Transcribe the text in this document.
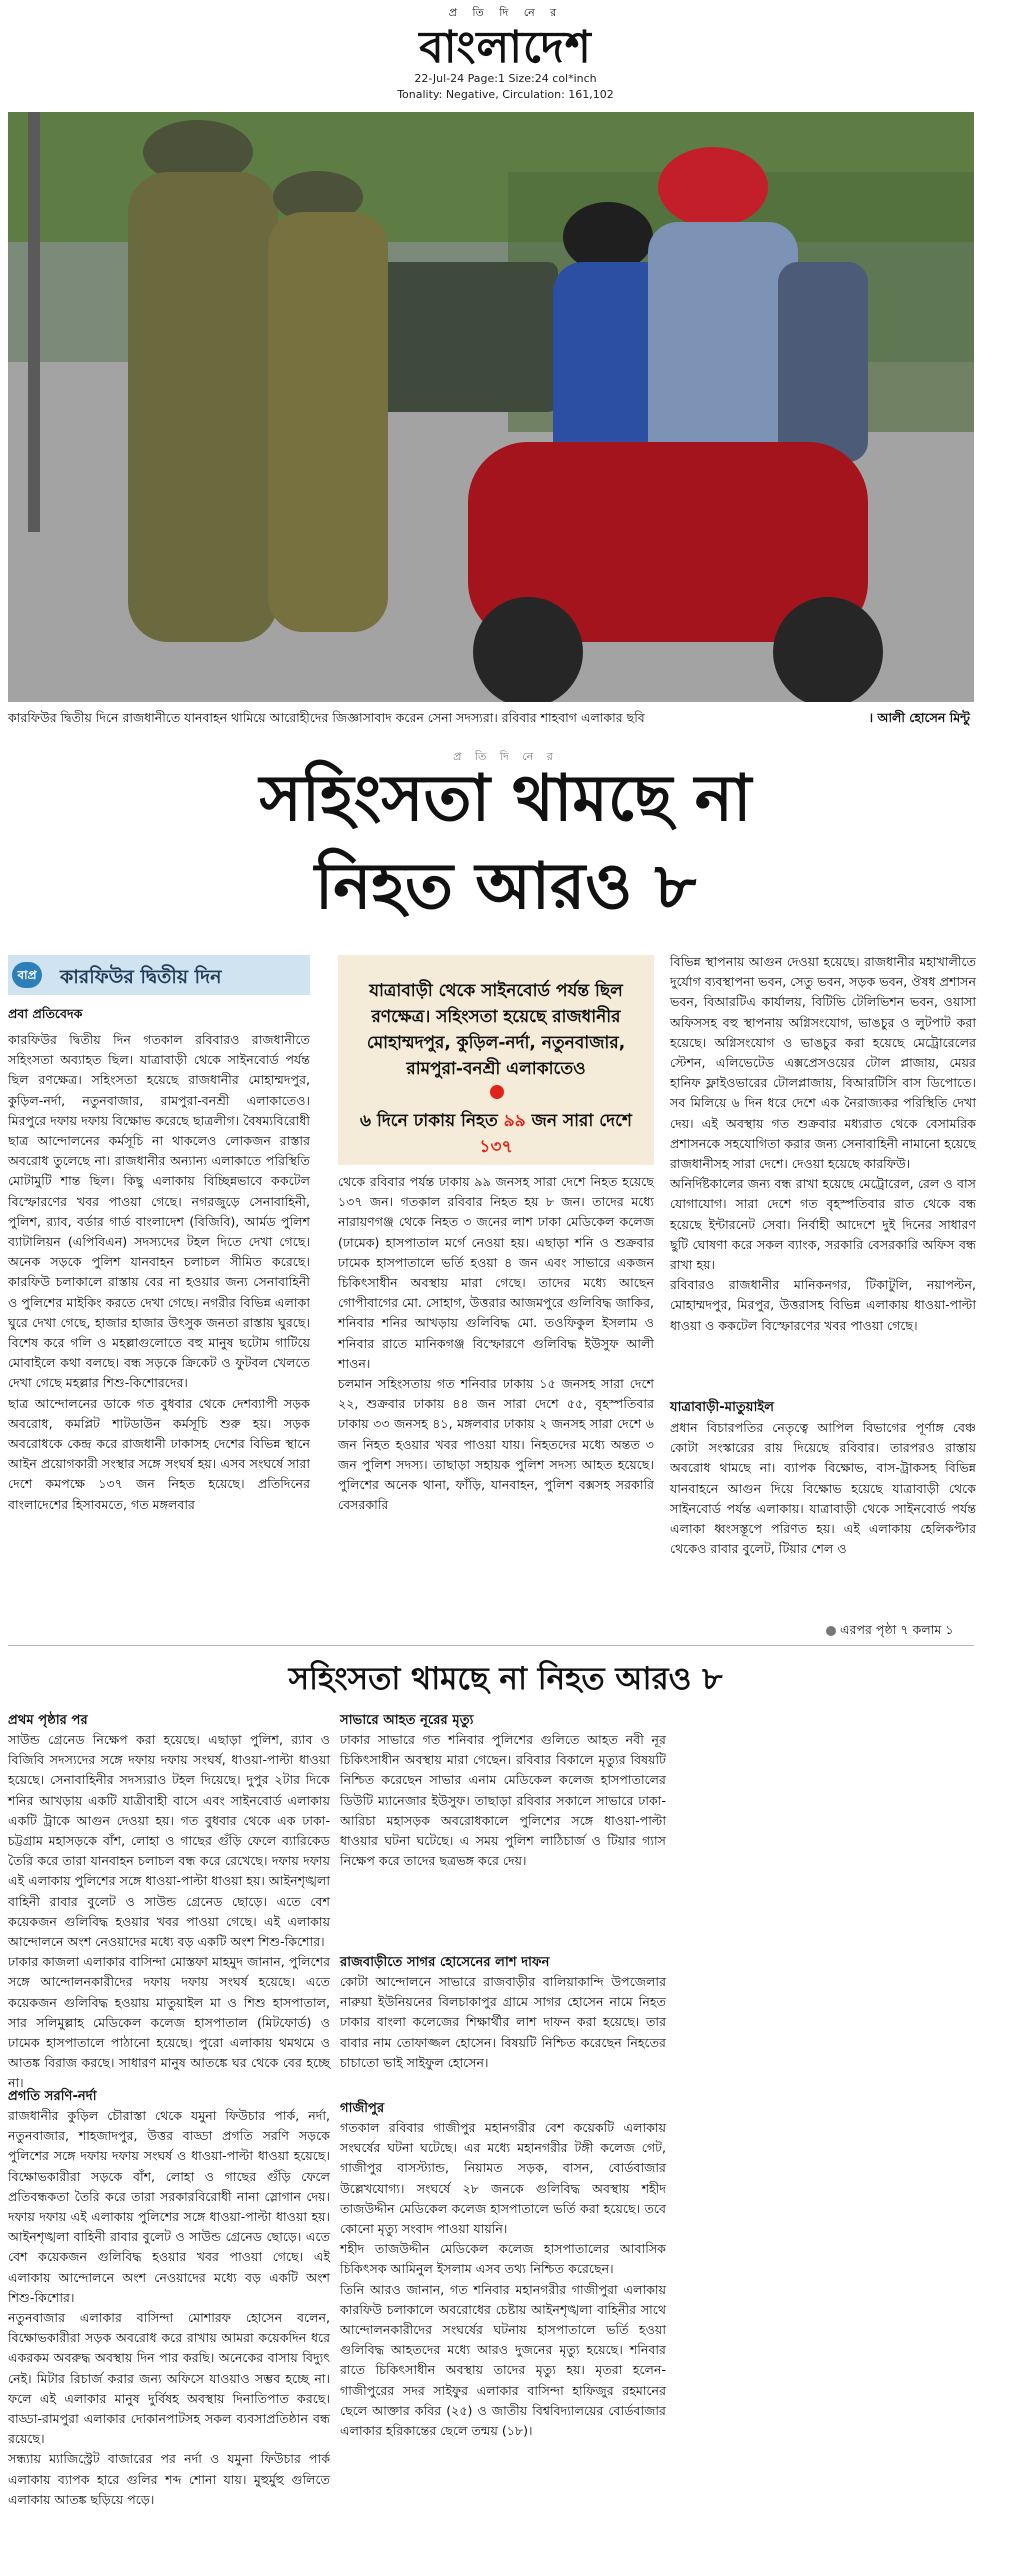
প্র তি দি নে র
বাংলাদেশ
22-Jul-24 Page:1 Size:24 col*inch
Tonality: Negative, Circulation: 161,102
কারফিউর দ্বিতীয় দিনে রাজধানীতে যানবাহন থামিয়ে আরোহীদের জিজ্ঞাসাবাদ করেন সেনা সদস্যরা। রবিবার শাহবাগ এলাকার ছবি	। আলী হোসেন মিন্টু
প্র তি দি নে র
সহিংসতা থামছে না
নিহত আরও ৮
বাপ্র কারফিউর দ্বিতীয় দিন
প্রবা প্রতিবেদক
কারফিউর দ্বিতীয় দিন গতকাল রবিবারও রাজধানীতে সহিংসতা অব্যাহত ছিল। যাত্রাবাড়ী থেকে সাইনবোর্ড পর্যন্ত ছিল রণক্ষেত্র। সহিংসতা হয়েছে রাজধানীর মোহাম্মদপুর, কুড়িল-নর্দা, নতুনবাজার, রামপুরা-বনশ্রী এলাকাতেও। মিরপুরে দফায় দফায় বিক্ষোভ করেছে ছাত্রলীগ। বৈষম্যবিরোধী ছাত্র আন্দোলনের কর্মসূচি না থাকলেও লোকজন রাস্তার অবরোধ তুলেছে না। রাজধানীর অন্যান্য এলাকাতে পরিস্থিতি মোটামুটি শান্ত ছিল। কিছু এলাকায় বিচ্ছিন্নভাবে ককটেল বিস্ফোরণের খবর পাওয়া গেছে। নগরজুড়ে সেনাবাহিনী, পুলিশ, র‍্যাব, বর্ডার গার্ড বাংলাদেশ (বিজিবি), আর্মড পুলিশ ব্যাটালিয়ন (এপিবিএন) সদস্যদের টহল দিতে দেখা গেছে। অনেক সড়কে পুলিশ যানবাহন চলাচল সীমিত করেছে। কারফিউ চলাকালে রাস্তায় বের না হওয়ার জন্য সেনাবাহিনী ও পুলিশের মাইকিং করতে দেখা গেছে। নগরীর বিভিন্ন এলাকা ঘুরে দেখা গেছে, হাজার হাজার উৎসুক জনতা রাস্তায় ঘুরছে। বিশেষ করে গলি ও মহল্লাগুলোতে বহু মানুষ ছটোম গাটিয়ে মোবাইলে কথা বলছে। বন্ধ সড়কে ক্রিকেট ও ফুটবল খেলতে দেখা গেছে মহল্লার শিশু-কিশোরদের।
ছাত্র আন্দোলনের ডাকে গত বুধবার থেকে দেশব্যাপী সড়ক অবরোধ, কমপ্লিট শাটডাউন কর্মসূচি শুরু হয়। সড়ক অবরোধকে কেন্দ্র করে রাজধানী ঢাকাসহ দেশের বিভিন্ন স্থানে আইন প্রয়োগকারী সংস্থার সঙ্গে সংঘর্ষ হয়। এসব সংঘর্ষে সারা দেশে কমপক্ষে ১৩৭ জন নিহত হয়েছে। প্রতিদিনের বাংলাদেশের হিসাবমতে, গত মঙ্গলবার
যাত্রাবাড়ী থেকে সাইনবোর্ড পর্যন্ত ছিল রণক্ষেত্র। সহিংসতা হয়েছে রাজধানীর মোহাম্মদপুর, কুড়িল-নর্দা, নতুনবাজার, রামপুরা-বনশ্রী এলাকাতেও
৬ দিনে ঢাকায় নিহত ৯৯ জন সারা দেশে ১৩৭
থেকে রবিবার পর্যন্ত ঢাকায় ৯৯ জনসহ সারা দেশে নিহত হয়েছে ১৩৭ জন। গতকাল রবিবার নিহত হয় ৮ জন। তাদের মধ্যে নারায়ণগঞ্জ থেকে নিহত ৩ জনের লাশ ঢাকা মেডিকেল কলেজ (ঢামেক) হাসপাতাল মর্গে নেওয়া হয়। এছাড়া শনি ও শুক্রবার ঢামেক হাসপাতালে ভর্তি হওয়া ৪ জন এবং সাভারে একজন চিকিৎসাধীন অবস্থায় মারা গেছে। তাদের মধ্যে আছেন গোপীবাগের মো. সোহাগ, উত্তরার আজমপুরে গুলিবিদ্ধ জাকির, শনিবার শনির আখড়ায় গুলিবিদ্ধ মো. তওফিকুল ইসলাম ও শনিবার রাতে মানিকগঞ্জ বিস্ফোরণে গুলিবিদ্ধ ইউসুফ আলী শাওন।
চলমান সহিংসতায় গত শনিবার ঢাকায় ১৫ জনসহ সারা দেশে ২২, শুক্রবার ঢাকায় ৪৪ জন সারা দেশে ৫৫, বৃহস্পতিবার ঢাকায় ৩৩ জনসহ ৪১, মঙ্গলবার ঢাকায় ২ জনসহ সারা দেশে ৬ জন নিহত হওয়ার খবর পাওয়া যায়। নিহতদের মধ্যে অন্তত ৩ জন পুলিশ সদস্য। তাছাড়া সহায়ক পুলিশ সদস্য আহত হয়েছে। পুলিশের অনেক থানা, ফাঁড়ি, যানবাহন, পুলিশ বক্সসহ সরকারি বেসরকারি
বিভিন্ন স্থাপনায় আগুন দেওয়া হয়েছে। রাজধানীর মহাখালীতে দুর্যোগ ব্যবস্থাপনা ভবন, সেতু ভবন, সড়ক ভবন, ঔষধ প্রশাসন ভবন, বিআরটিএ কার্যালয়, বিটিভি টেলিভিশন ভবন, ওয়াসা অফিসসহ বহু স্থাপনায় অগ্নিসংযোগ, ভাঙচুর ও লুটপাট করা হয়েছে। অগ্নিসংযোগ ও ভাঙচুর করা হয়েছে মেট্রোরেলের স্টেশন, এলিভেটেড এক্সপ্রেসওয়ের টোল প্লাজায়, মেয়র হানিফ ফ্লাইওভারের টোলপ্লাজায়, বিআরটিসি বাস ডিপোতে। সব মিলিয়ে ৬ দিন ধরে দেশে এক নৈরাজ্যকর পরিস্থিতি দেখা দেয়। এই অবস্থায় গত শুক্রবার মধ্যরাত থেকে বেসামরিক প্রশাসনকে সহযোগিতা করার জন্য সেনাবাহিনী নামানো হয়েছে রাজধানীসহ সারা দেশে। দেওয়া হয়েছে কারফিউ।
অনির্দিষ্টকালের জন্য বন্ধ রাখা হয়েছে মেট্রোরেল, রেল ও বাস যোগাযোগ। সারা দেশে গত বৃহস্পতিবার রাত থেকে বন্ধ হয়েছে ইন্টারনেট সেবা। নির্বাহী আদেশে দুই দিনের সাধারণ ছুটি ঘোষণা করে সকল ব্যাংক, সরকারি বেসরকারি অফিস বন্ধ রাখা হয়।
রবিবারও রাজধানীর মানিকনগর, টিকাটুলি, নয়াপল্টন, মোহাম্মদপুর, মিরপুর, উত্তরাসহ বিভিন্ন এলাকায় ধাওয়া-পাল্টা ধাওয়া ও ককটেল বিস্ফোরণের খবর পাওয়া গেছে।
যাত্রাবাড়ী-মাতুয়াইল
প্রধান বিচারপতির নেতৃত্বে আপিল বিভাগের পূর্ণাঙ্গ বেঞ্চ কোটা সংস্কারের রায় দিয়েছে রবিবার। তারপরও রাস্তায় অবরোধ থামছে না। ব্যাপক বিক্ষোভ, বাস-ট্রাকসহ বিভিন্ন যানবাহনে আগুন দিয়ে বিক্ষোভ হয়েছে যাত্রাবাড়ী থেকে সাইনবোর্ড পর্যন্ত এলাকায়। যাত্রাবাড়ী থেকে সাইনবোর্ড পর্যন্ত এলাকা ধ্বংসস্তূপে পরিণত হয়। এই এলাকায় হেলিকপ্টার থেকেও রাবার বুলেট, টিয়ার শেল ও
এরপর পৃষ্ঠা ৭ কলাম ১
সহিংসতা থামছে না নিহত আরও ৮
প্রথম পৃষ্ঠার পর
সাউন্ড গ্রেনেড নিক্ষেপ করা হয়েছে। এছাড়া পুলিশ, র‍্যাব ও বিজিবি সদস্যদের সঙ্গে দফায় দফায় সংঘর্ষ, ধাওয়া-পাল্টা ধাওয়া হয়েছে। সেনাবাহিনীর সদস্যরাও টহল দিয়েছে। দুপুর ২টার দিকে শনির আখড়ায় একটি যাত্রীবাহী বাসে এবং সাইনবোর্ড এলাকায় একটি ট্রাকে আগুন দেওয়া হয়। গত বুধবার থেকে এক ঢাকা-চট্টগ্রাম মহাসড়কে বাঁশ, লোহা ও গাছের গুঁড়ি ফেলে ব্যারিকেড তৈরি করে তারা যানবাহন চলাচল বন্ধ করে রেখেছে। দফায় দফায় এই এলাকায় পুলিশের সঙ্গে ধাওয়া-পাল্টা ধাওয়া হয়। আইনশৃঙ্খলা বাহিনী রাবার বুলেট ও সাউন্ড গ্রেনেড ছোড়ে। এতে বেশ কয়েকজন গুলিবিদ্ধ হওয়ার খবর পাওয়া গেছে। এই এলাকায় আন্দোলনে অংশ নেওয়াদের মধ্যে বড় একটি অংশ শিশু-কিশোর।
ঢাকার কাজলা এলাকার বাসিন্দা মোস্তফা মাহমুদ জানান, পুলিশের সঙ্গে আন্দোলনকারীদের দফায় দফায় সংঘর্ষ হয়েছে। এতে কয়েকজন গুলিবিদ্ধ হওয়ায় মাতুয়াইল মা ও শিশু হাসপাতাল, সার সলিমুল্লাহ মেডিকেল কলেজ হাসপাতাল (মিটফোর্ড) ও ঢামেক হাসপাতালে পাঠানো হয়েছে। পুরো এলাকায় থমথমে ও আতঙ্ক বিরাজ করছে। সাধারণ মানুষ আতঙ্কে ঘর থেকে বের হচ্ছে না।
প্রগতি সরণি-নর্দা
রাজধানীর কুড়িল চৌরাস্তা থেকে যমুনা ফিউচার পার্ক, নর্দা, নতুনবাজার, শাহজাদপুর, উত্তর বাড্ডা প্রগতি সরণি সড়কে পুলিশের সঙ্গে দফায় দফায় সংঘর্ষ ও ধাওয়া-পাল্টা ধাওয়া হয়েছে। বিক্ষোভকারীরা সড়কে বাঁশ, লোহা ও গাছের গুঁড়ি ফেলে প্রতিবন্ধকতা তৈরি করে তারা সরকারবিরোধী নানা স্লোগান দেয়। দফায় দফায় এই এলাকায় পুলিশের সঙ্গে ধাওয়া-পাল্টা ধাওয়া হয়। আইনশৃঙ্খলা বাহিনী রাবার বুলেট ও সাউন্ড গ্রেনেড ছোড়ে। এতে বেশ কয়েকজন গুলিবিদ্ধ হওয়ার খবর পাওয়া গেছে। এই এলাকায় আন্দোলনে অংশ নেওয়াদের মধ্যে বড় একটি অংশ শিশু-কিশোর।
নতুনবাজার এলাকার বাসিন্দা মোশারফ হোসেন বলেন, বিক্ষোভকারীরা সড়ক অবরোধ করে রাখায় আমরা কয়েকদিন ধরে একরকম অবরুদ্ধ অবস্থায় দিন পার করছি। অনেকের বাসায় বিদ্যুৎ নেই। মিটার রিচার্জ করার জন্য অফিসে যাওয়াও সম্ভব হচ্ছে না। ফলে এই এলাকার মানুষ দুর্বিষহ অবস্থায় দিনাতিপাত করছে। বাড্ডা-রামপুরা এলাকার দোকানপাটসহ সকল ব্যবসাপ্রতিষ্ঠান বন্ধ রয়েছে।
সন্ধ্যায় ম্যাজিস্ট্রেট বাজারের পর নর্দা ও যমুনা ফিউচার পার্ক এলাকায় ব্যাপক হারে গুলির শব্দ শোনা যায়। মুহুর্মুহু গুলিতে এলাকায় আতঙ্ক ছড়িয়ে পড়ে।
সাভারে আহত নূরের মৃত্যু
ঢাকার সাভারে গত শনিবার পুলিশের গুলিতে আহত নবী নূর চিকিৎসাধীন অবস্থায় মারা গেছেন। রবিবার বিকালে মৃত্যুর বিষয়টি নিশ্চিত করেছেন সাভার এনাম মেডিকেল কলেজ হাসপাতালের ডিউটি ম্যানেজার ইউসুফ। তাছাড়া রবিবার সকালে সাভারে ঢাকা-আরিচা মহাসড়ক অবরোধকালে পুলিশের সঙ্গে ধাওয়া-পাল্টা ধাওয়ার ঘটনা ঘটেছে। এ সময় পুলিশ লাঠিচার্জ ও টিয়ার গ্যাস নিক্ষেপ করে তাদের ছত্রভঙ্গ করে দেয়।
রাজবাড়ীতে সাগর হোসেনের লাশ দাফন
কোটা আন্দোলনে সাভারে রাজবাড়ীর বালিয়াকান্দি উপজেলার নারুয়া ইউনিয়নের বিলচাকাপুর গ্রামে সাগর হোসেন নামে নিহত ঢাকার বাংলা কলেজের শিক্ষার্থীর লাশ দাফন করা হয়েছে। তার বাবার নাম তোফাজ্জল হোসেন। বিষয়টি নিশ্চিত করেছেন নিহতের চাচাতো ভাই সাইফুল হোসেন।
গাজীপুর
গতকাল রবিবার গাজীপুর মহানগরীর বেশ কয়েকটি এলাকায় সংঘর্ষের ঘটনা ঘটেছে। এর মধ্যে মহানগরীর টঙ্গী কলেজ গেট, গাজীপুর বাসস্ট্যান্ড, নিয়ামত সড়ক, বাসন, বোর্ডবাজার উল্লেখযোগ্য। সংঘর্ষে ২৮ জনকে গুলিবিদ্ধ অবস্থায় শহীদ তাজউদ্দীন মেডিকেল কলেজ হাসপাতালে ভর্তি করা হয়েছে। তবে কোনো মৃত্যু সংবাদ পাওয়া যায়নি।
শহীদ তাজউদ্দীন মেডিকেল কলেজ হাসপাতালের আবাসিক চিকিৎসক আমিনুল ইসলাম এসব তথ্য নিশ্চিত করেছেন।
তিনি আরও জানান, গত শনিবার মহানগরীর গাজীপুরা এলাকায় কারফিউ চলাকালে অবরোধের চেষ্টায় আইনশৃঙ্খলা বাহিনীর সাথে আন্দোলনকারীদের সংঘর্ষের ঘটনায় হাসপাতালে ভর্তি হওয়া গুলিবিদ্ধ আহতদের মধ্যে আরও দুজনের মৃত্যু হয়েছে। শনিবার রাতে চিকিৎসাধীন অবস্থায় তাদের মৃত্যু হয়। মৃতরা হলেন- গাজীপুরের সদর সাইফুর এলাকার বাসিন্দা হাফিজুর রহমানের ছেলে আক্তার কবির (২৫) ও জাতীয় বিশ্ববিদ্যালয়ের বোর্ডবাজার এলাকার হরিকান্তের ছেলে তন্ময় (১৮)।
